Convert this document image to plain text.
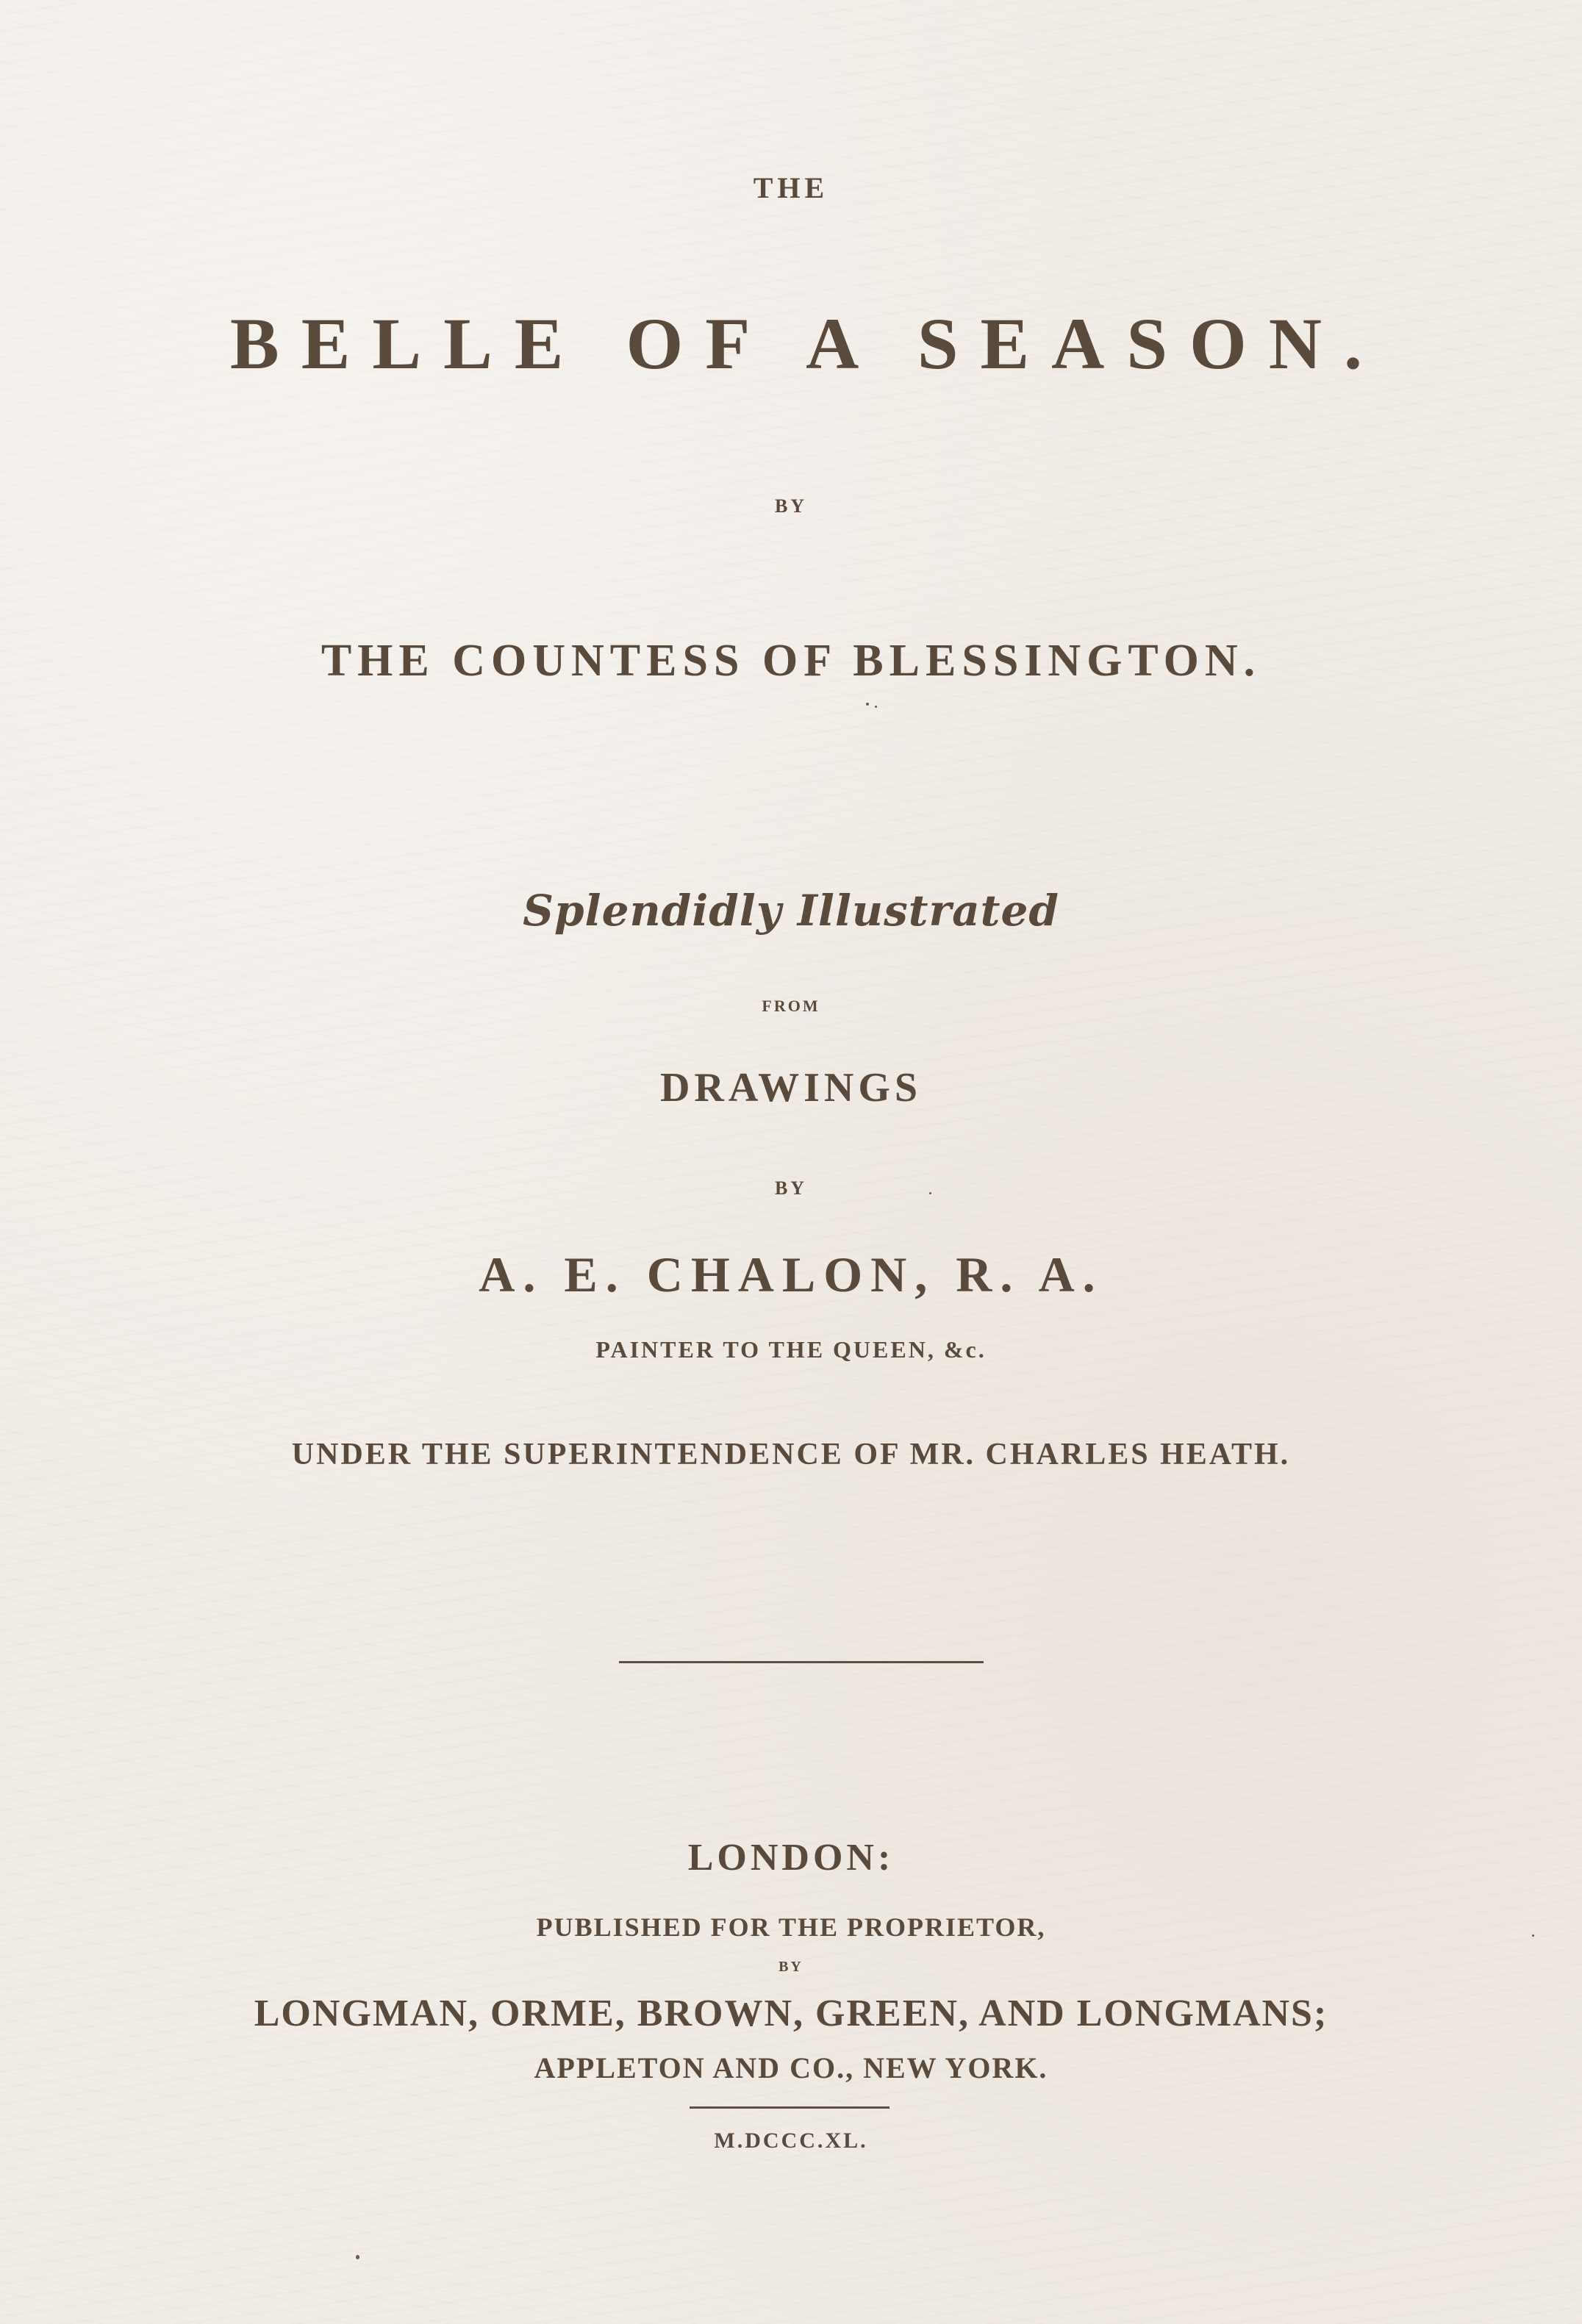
THE
BELLE OF A SEASON.
BY
THE COUNTESS OF BLESSINGTON.
Splendidly Illustrated
FROM
DRAWINGS
BY
A. E. CHALON, R. A.
PAINTER TO THE QUEEN, &c.
UNDER THE SUPERINTENDENCE OF MR. CHARLES HEATH.
LONDON:
PUBLISHED FOR THE PROPRIETOR,
BY
LONGMAN, ORME, BROWN, GREEN, AND LONGMANS;
APPLETON AND CO., NEW YORK.
M.DCCC.XL.
